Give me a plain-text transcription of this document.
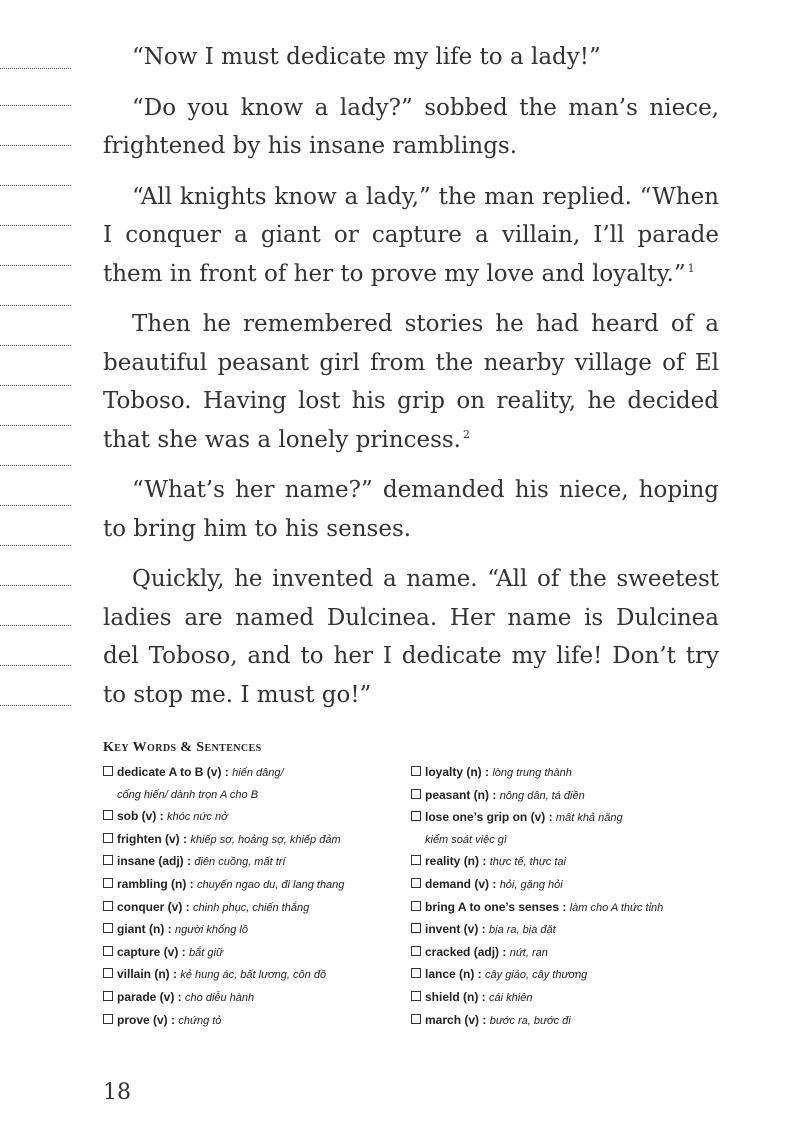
“Now I must dedicate my life to a lady!”

“Do you know a lady?” sobbed the man’s niece, frightened by his insane ramblings.

“All knights know a lady,” the man replied. “When I conquer a giant or capture a villain, I’ll parade them in front of her to prove my love and loyalty.” $^1$

Then he remembered stories he had heard of a beautiful peasant girl from the nearby village of El Toboso. Having lost his grip on reality, he decided that she was a lonely princess. $^2$

“What’s her name?” demanded his niece, hoping to bring him to his senses.

Quickly, he invented a name. “All of the sweetest ladies are named Dulcinea. Her name is Dulcinea del Toboso, and to her I dedicate my life! Don’t try to stop me. I must go!”

Key Words & Sentences
dedicate A to B (v) : hiến dâng/
cống hiến/ dành trọn A cho B
sob (v) : khóc nức nở
frighten (v) : khiếp sợ, hoảng sợ, khiếp đảm
insane (adj) : điên cuồng, mất trí
rambling (n) : chuyến ngao du, đi lang thang
conquer (v) : chinh phục, chiến thắng
giant (n) : người khổng lồ
capture (v) : bắt giữ
villain (n) : kẻ hung ác, bất lương, côn đồ
parade (v) : cho diễu hành
prove (v) : chứng tỏ
loyalty (n) : lòng trung thành
peasant (n) : nông dân, tá điền
lose one’s grip on (v) : mất khả năng
kiểm soát việc gì
reality (n) : thực tế, thực tại
demand (v) : hỏi, gặng hỏi
bring A to one’s senses : làm cho A thức tỉnh
invent (v) : bịa ra, bịa đặt
cracked (adj) : nứt, rạn
lance (n) : cây giáo, cây thương
shield (n) : cái khiên
march (v) : bước ra, bước đi
18
